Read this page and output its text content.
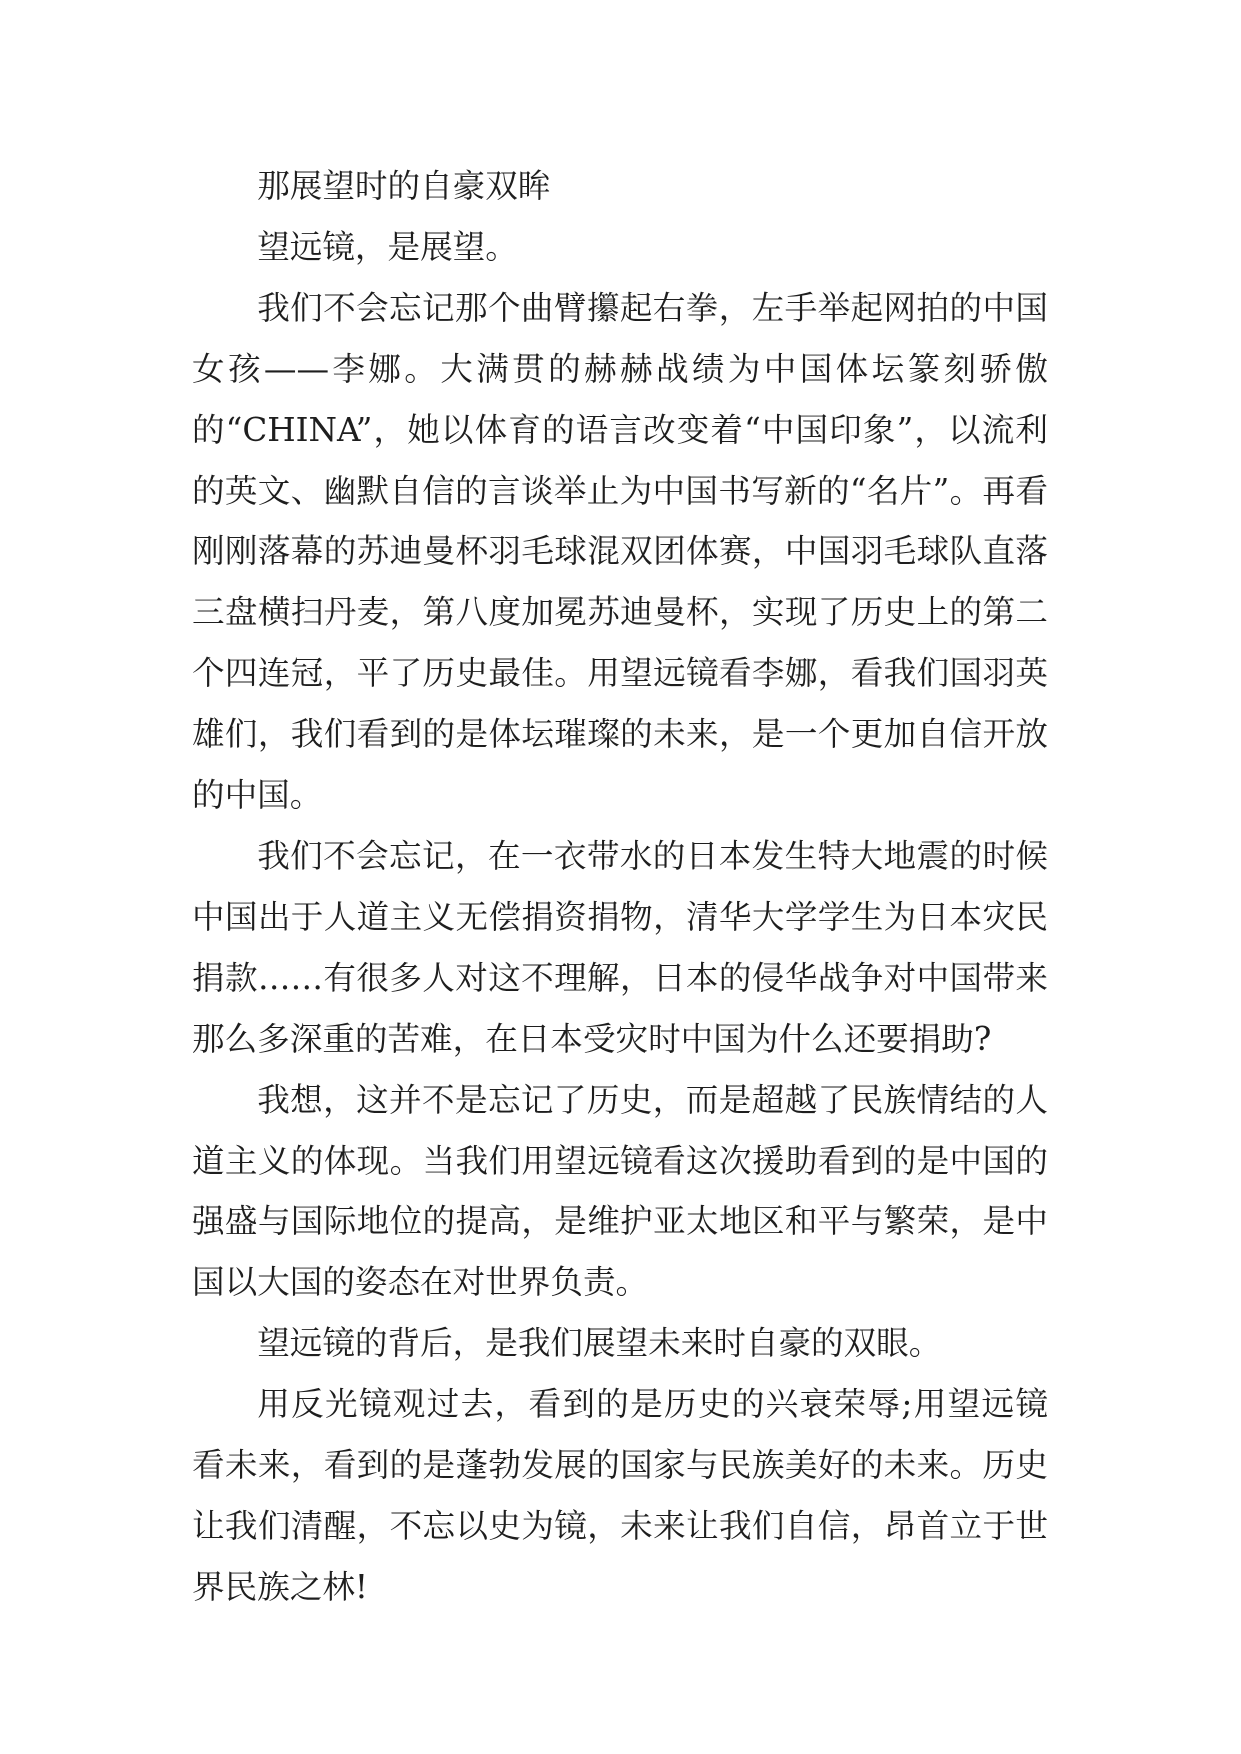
那展望时的自豪双眸

望远镜，是展望。

我们不会忘记那个曲臂攥起右拳，左手举起网拍的中国女孩——李娜。大满贯的赫赫战绩为中国体坛篆刻骄傲的“CHINA”，她以体育的语言改变着“中国印象”，以流利的英文、幽默自信的言谈举止为中国书写新的“名片”。再看刚刚落幕的苏迪曼杯羽毛球混双团体赛，中国羽毛球队直落三盘横扫丹麦，第八度加冕苏迪曼杯，实现了历史上的第二个四连冠，平了历史最佳。用望远镜看李娜，看我们国羽英雄们，我们看到的是体坛璀璨的未来，是一个更加自信开放的中国。

我们不会忘记，在一衣带水的日本发生特大地震的时候中国出于人道主义无偿捐资捐物，清华大学学生为日本灾民捐款……有很多人对这不理解，日本的侵华战争对中国带来那么多深重的苦难，在日本受灾时中国为什么还要捐助?

我想，这并不是忘记了历史，而是超越了民族情结的人道主义的体现。当我们用望远镜看这次援助看到的是中国的强盛与国际地位的提高，是维护亚太地区和平与繁荣，是中国以大国的姿态在对世界负责。

望远镜的背后，是我们展望未来时自豪的双眼。

用反光镜观过去，看到的是历史的兴衰荣辱;用望远镜看未来，看到的是蓬勃发展的国家与民族美好的未来。历史让我们清醒，不忘以史为镜，未来让我们自信，昂首立于世界民族之林!
